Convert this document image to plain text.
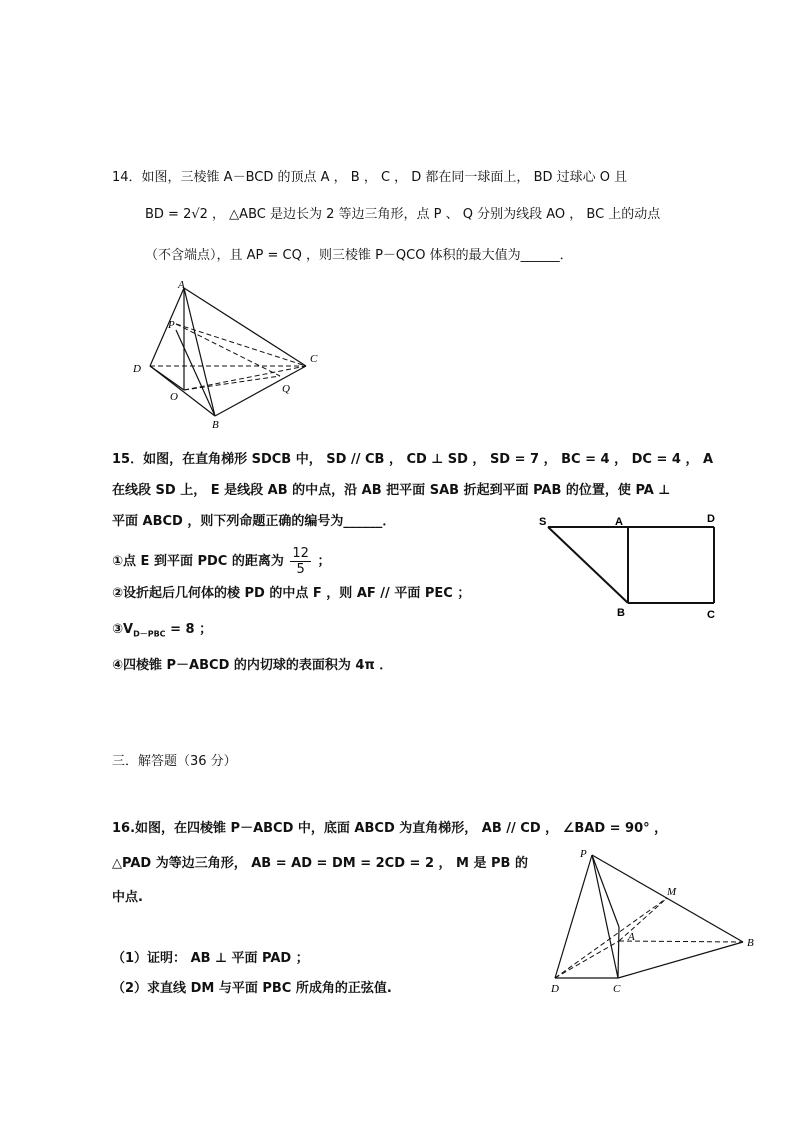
14．如图，三棱锥 A－BCD 的顶点 A ， B ， C ， D 都在同一球面上， BD 过球心 O 且
BD = 2√2 ， △ABC 是边长为 2 等边三角形，点 P 、 Q 分别为线段 AO ， BC 上的动点
（不含端点），且 AP = CQ ，则三棱锥 P－QCO 体积的最大值为______．
A
P
D
O
C
Q
B
15．如图，在直角梯形 SDCB 中， SD // CB ， CD ⊥ SD ， SD = 7 ， BC = 4 ， DC = 4 ， A
在线段 SD 上， E 是线段 AB 的中点，沿 AB 把平面 SAB 折起到平面 PAB 的位置，使 PA ⊥
平面 ABCD ，则下列命题正确的编号为______．
①点 E 到平面 PDC 的距离为 $\frac{12}{5}$ ；
②设折起后几何体的棱 PD 的中点 F ，则 AF // 平面 PEC ；
$③V_{D-PBC} = 8$ ；
④四棱锥 P－ABCD 的内切球的表面积为 4π ．
S	A	D
B	C
三．解答题（36 分）
16.如图，在四棱锥 P－ABCD 中，底面 ABCD 为直角梯形， AB // CD ， ∠BAD = 90° ，
△PAD 为等边三角形， AB = AD = DM = 2CD = 2 ， M 是 PB 的
中点.
（1）证明： AB ⊥ 平面 PAD ；
（2）求直线 DM 与平面 PBC 所成角的正弦值.
P
M
A	B
D	C
